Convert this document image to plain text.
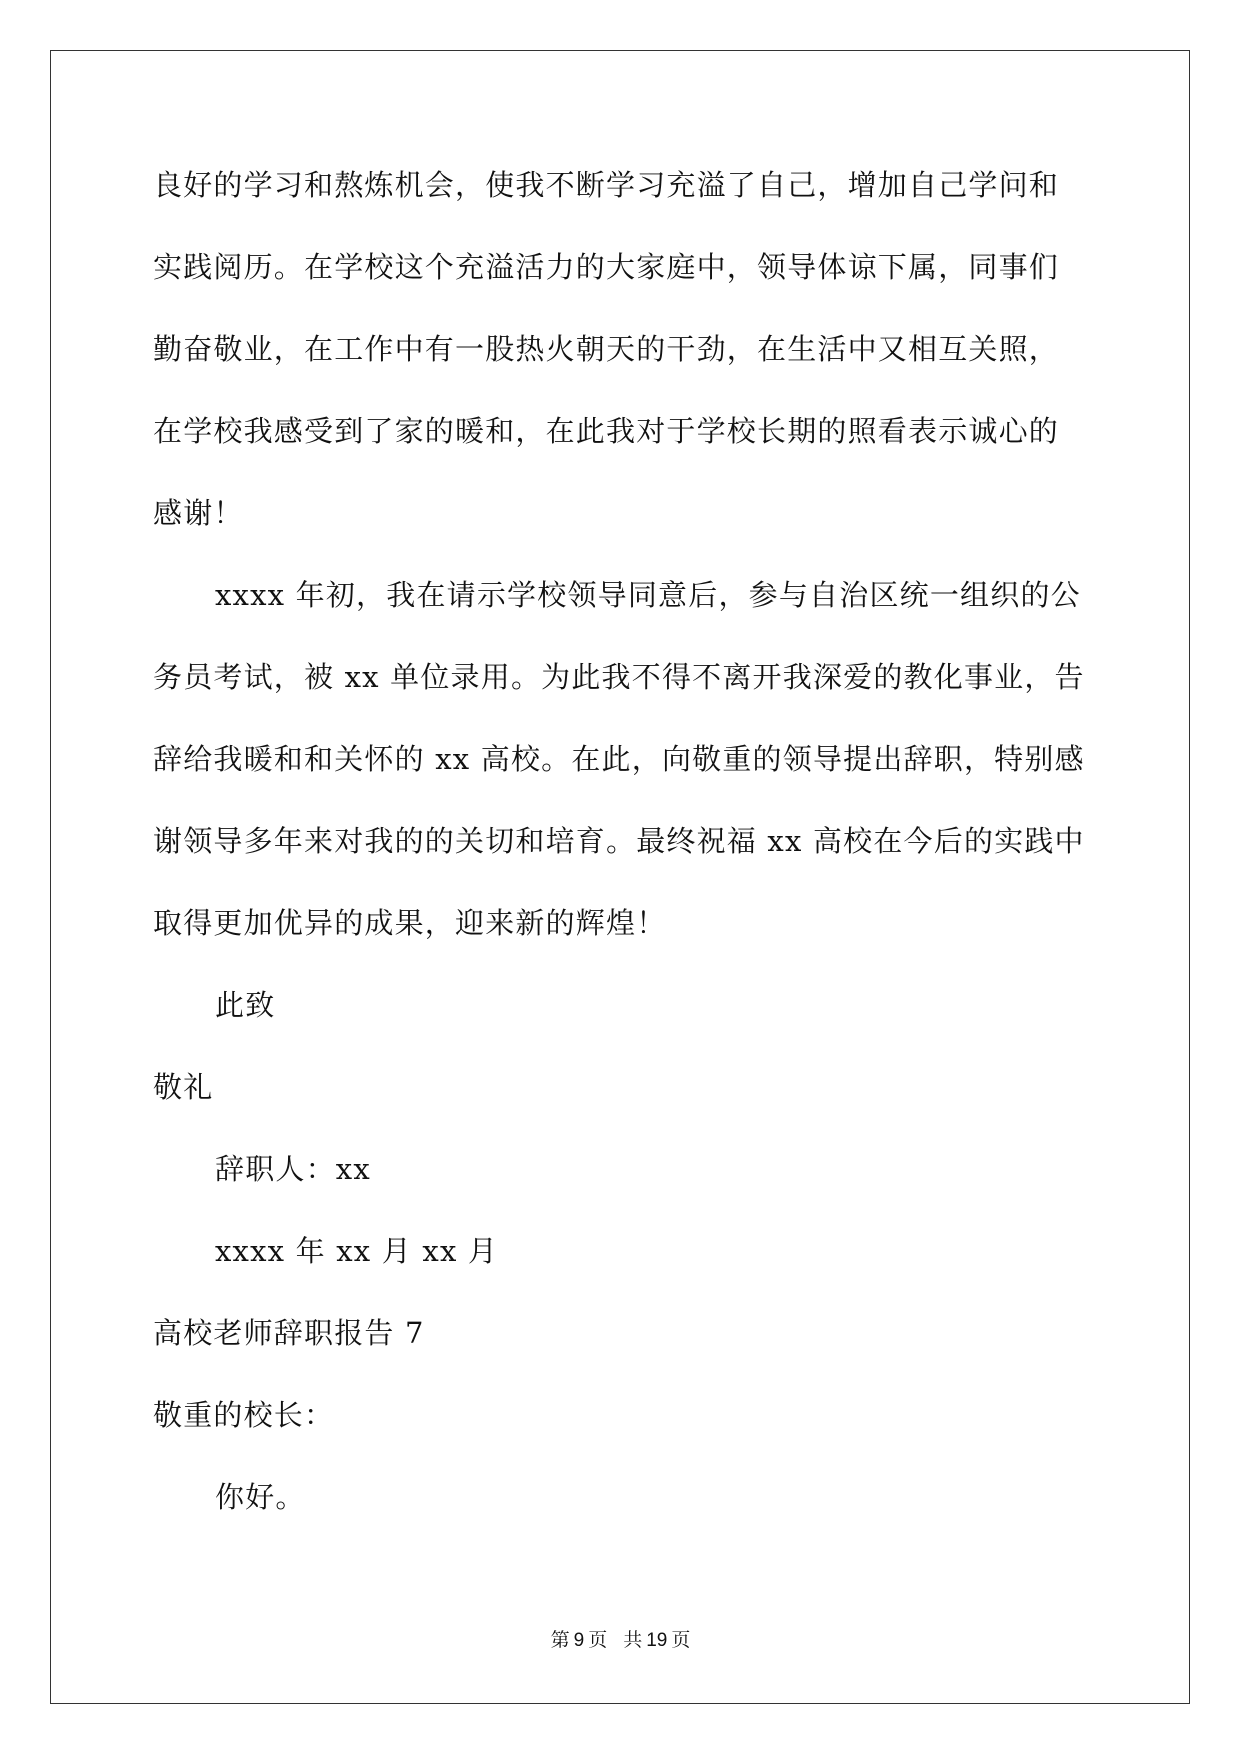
良好的学习和熬炼机会，使我不断学习充溢了自己，增加自己学问和
实践阅历。在学校这个充溢活力的大家庭中，领导体谅下属，同事们
勤奋敬业，在工作中有一股热火朝天的干劲，在生活中又相互关照，
在学校我感受到了家的暖和，在此我对于学校长期的照看表示诚心的
感谢！
xxxx 年初，我在请示学校领导同意后，参与自治区统一组织的公
务员考试，被 xx 单位录用。为此我不得不离开我深爱的教化事业，告
辞给我暖和和关怀的 xx 高校。在此，向敬重的领导提出辞职，特别感
谢领导多年来对我的的关切和培育。最终祝福 xx 高校在今后的实践中
取得更加优异的成果，迎来新的辉煌！
此致
敬礼
辞职人：xx
xxxx 年 xx 月 xx 月
高校老师辞职报告 7
敬重的校长：
你好。
第 9 页 共 19 页
